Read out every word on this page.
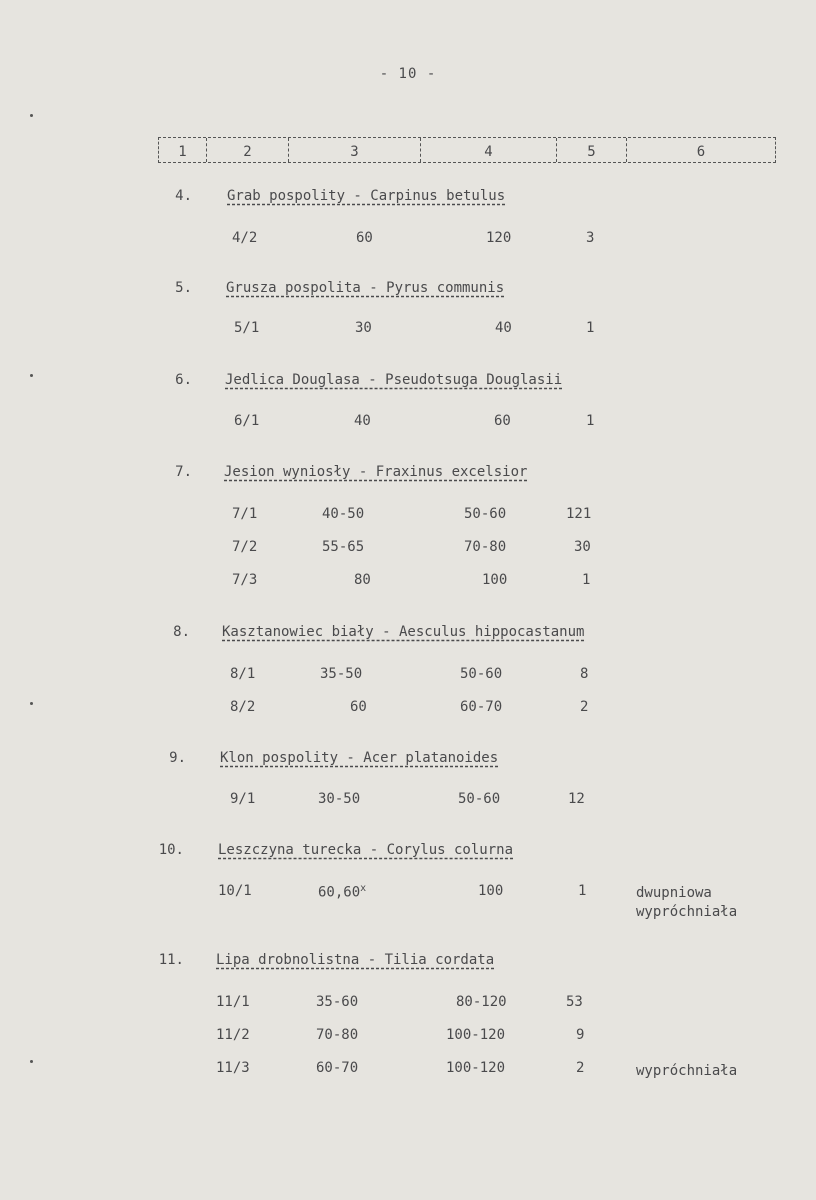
- 10 -
1	2	3	4	5	6
4.	Grab pospolity - Carpinus betulus
4/2	60	120	3
5. Grusza pospolita - Pyrus communis
5/1	30	40	1
6. Jedlica Douglasa - Pseudotsuga Douglasii
6/1	40	60	1
7. Jesion wyniosły - Fraxinus excelsior
7/1	40-50	50-60	121
7/2	55-65	70-80	30
7/3	80	100	1
8. Kasztanowiec biały - Aesculus hippocastanum
8/1	35-50	50-60	8
8/2	60	60-70	2
9. Klon pospolity - Acer platanoides
9/1	30-50	50-60	12
10. Leszczyna turecka - Corylus colurna
10/1	60,60$^x$	100	1	dwupniowa
wypróchniała
11. Lipa drobnolistna - Tilia cordata
11/1	35-60	80-120	53
11/2	70-80	100-120	9
11/3	60-70	100-120	2	wypróchniała
